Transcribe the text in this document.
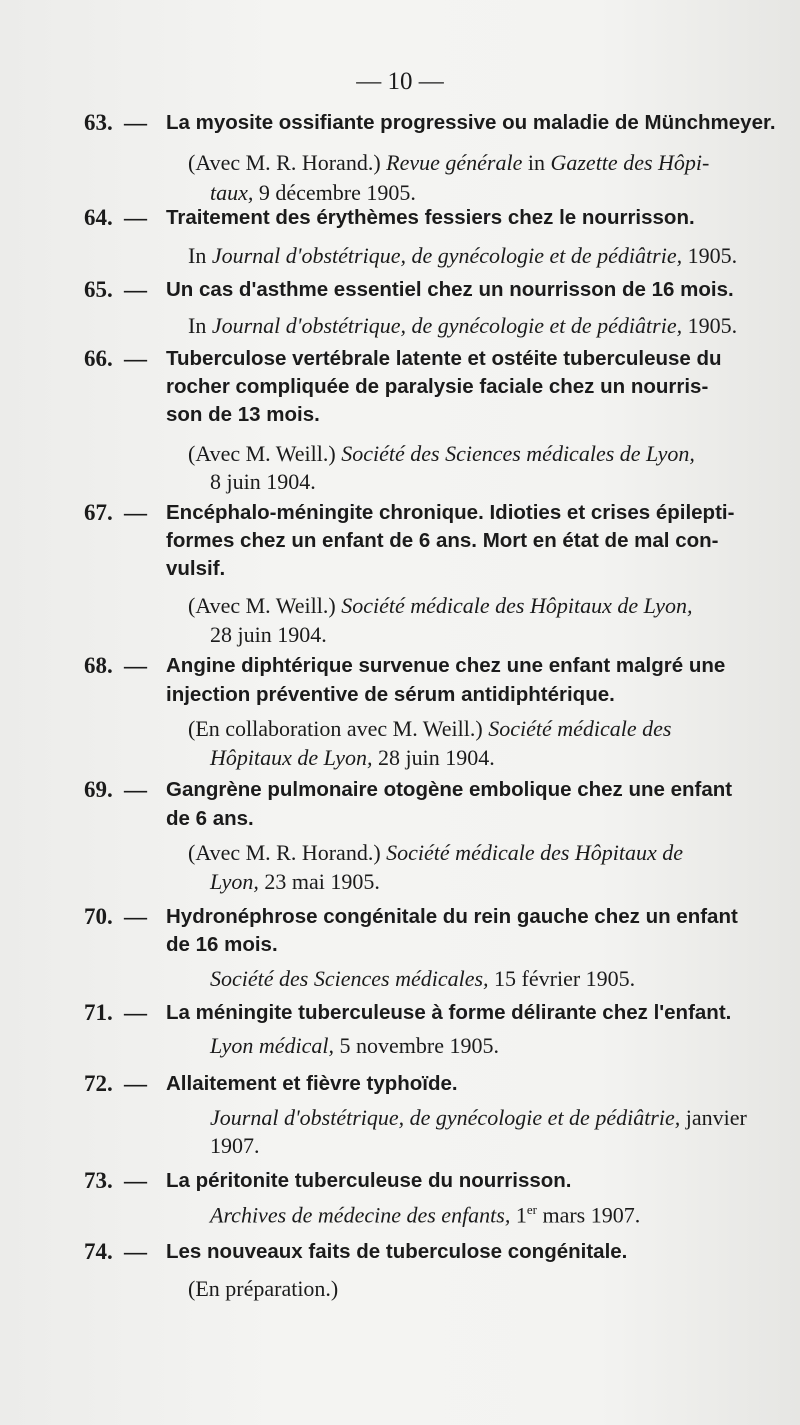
— 10 —
63. — La myosite ossifiante progressive ou maladie de Münchmeyer.
(Avec M. R. Horand.) Revue générale in Gazette des Hôpi-
taux, 9 décembre 1905.
64. — Traitement des érythèmes fessiers chez le nourrisson.
In Journal d'obstétrique, de gynécologie et de pédiâtrie, 1905.
65. — Un cas d'asthme essentiel chez un nourrisson de 16 mois.
In Journal d'obstétrique, de gynécologie et de pédiâtrie, 1905.
66. — Tuberculose vertébrale latente et ostéite tuberculeuse du
rocher compliquée de paralysie faciale chez un nourris-
son de 13 mois.
(Avec M. Weill.) Société des Sciences médicales de Lyon,
8 juin 1904.
67. — Encéphalo-méningite chronique. Idioties et crises épilepti-
formes chez un enfant de 6 ans. Mort en état de mal con-
vulsif.
(Avec M. Weill.) Société médicale des Hôpitaux de Lyon,
28 juin 1904.
68. — Angine diphtérique survenue chez une enfant malgré une
injection préventive de sérum antidiphtérique.
(En collaboration avec M. Weill.) Société médicale des
Hôpitaux de Lyon, 28 juin 1904.
69. — Gangrène pulmonaire otogène embolique chez une enfant
de 6 ans.
(Avec M. R. Horand.) Société médicale des Hôpitaux de
Lyon, 23 mai 1905.
70. — Hydronéphrose congénitale du rein gauche chez un enfant
de 16 mois.
Société des Sciences médicales, 15 février 1905.
71. — La méningite tuberculeuse à forme délirante chez l'enfant.
Lyon médical, 5 novembre 1905.
72. — Allaitement et fièvre typhoïde.
Journal d'obstétrique, de gynécologie et de pédiâtrie, janvier
1907.
73. — La péritonite tuberculeuse du nourrisson.
Archives de médecine des enfants, 1er mars 1907.
74. — Les nouveaux faits de tuberculose congénitale.
(En préparation.)
